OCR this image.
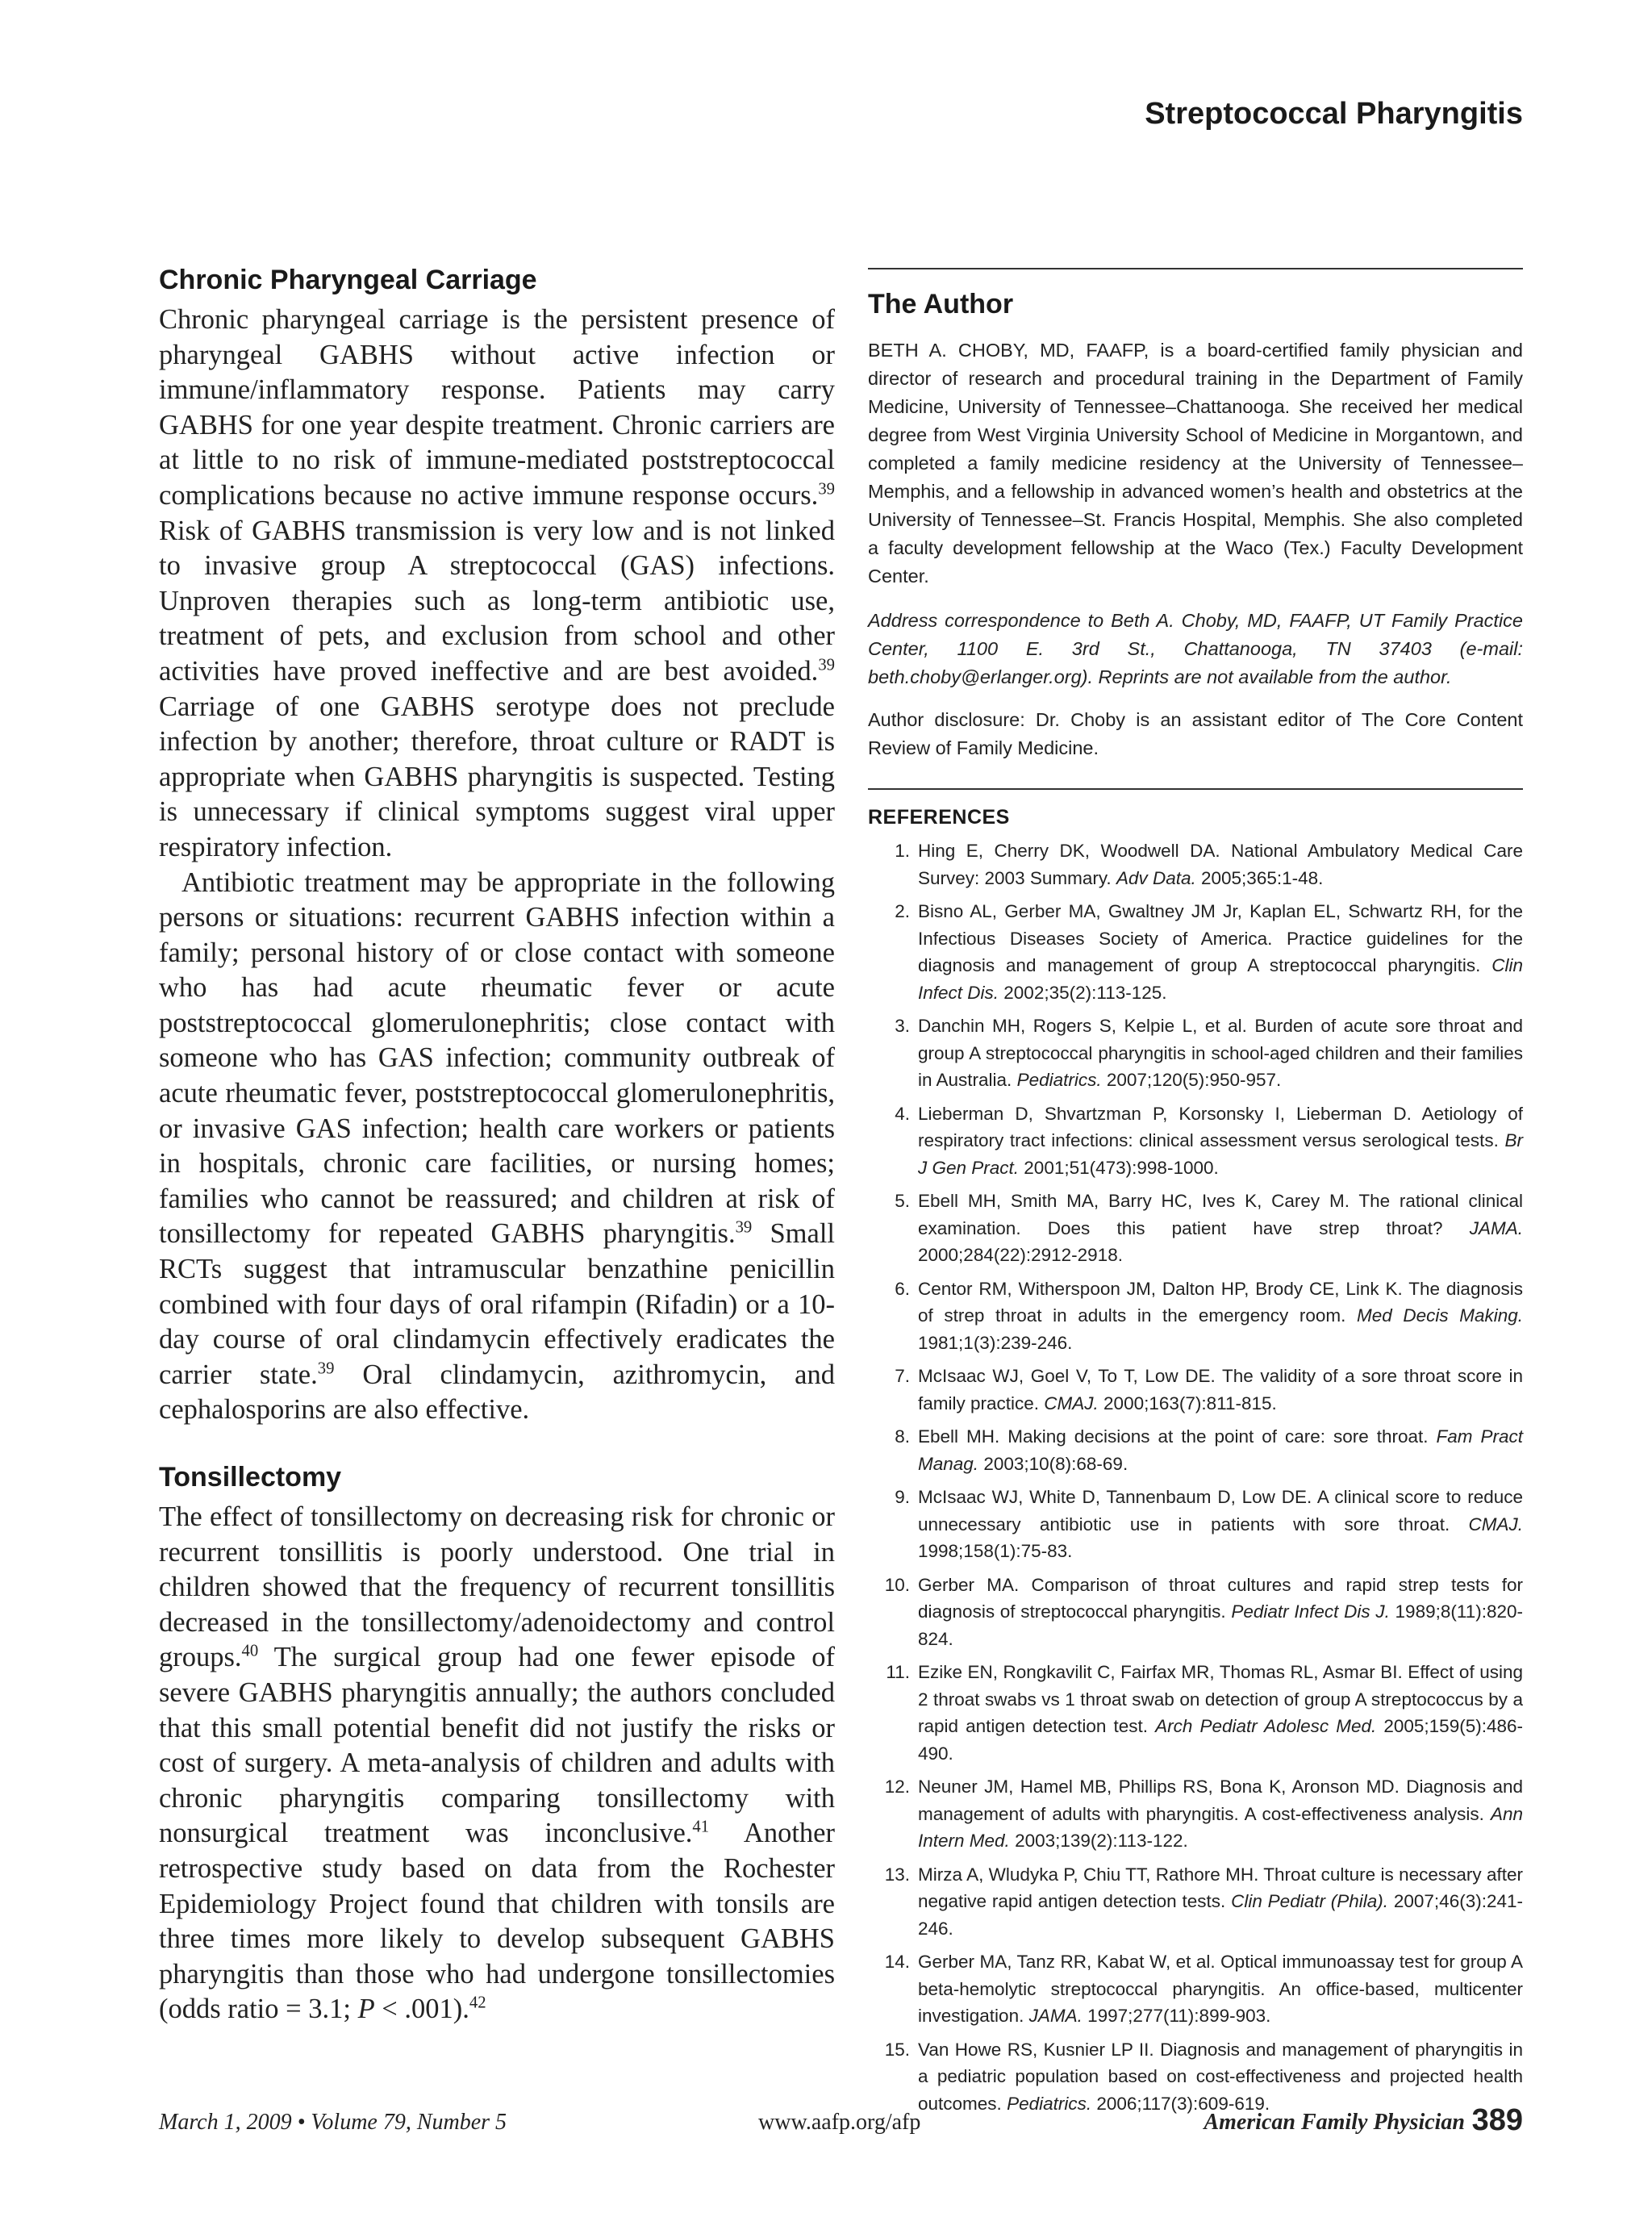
Streptococcal Pharyngitis
Chronic Pharyngeal Carriage

Chronic pharyngeal carriage is the persistent presence of pharyngeal GABHS without active infection or immune/inflammatory response. Patients may carry GABHS for one year despite treatment. Chronic carriers are at little to no risk of immune-mediated poststreptococcal complications because no active immune response occurs.$^{39}$ Risk of GABHS transmission is very low and is not linked to invasive group A streptococcal (GAS) infections. Unproven therapies such as long-term antibiotic use, treatment of pets, and exclusion from school and other activities have proved ineffective and are best avoided.$^{39}$ Carriage of one GABHS serotype does not preclude infection by another; therefore, throat culture or RADT is appropriate when GABHS pharyngitis is suspected. Testing is unnecessary if clinical symptoms suggest viral upper respiratory infection.

Antibiotic treatment may be appropriate in the following persons or situations: recurrent GABHS infection within a family; personal history of or close contact with someone who has had acute rheumatic fever or acute poststreptococcal glomerulonephritis; close contact with someone who has GAS infection; community outbreak of acute rheumatic fever, poststreptococcal glomerulonephritis, or invasive GAS infection; health care workers or patients in hospitals, chronic care facilities, or nursing homes; families who cannot be reassured; and children at risk of tonsillectomy for repeated GABHS pharyngitis.$^{39}$ Small RCTs suggest that intramuscular benzathine penicillin combined with four days of oral rifampin (Rifadin) or a 10-day course of oral clindamycin effectively eradicates the carrier state.$^{39}$ Oral clindamycin, azithromycin, and cephalosporins are also effective.

Tonsillectomy

The effect of tonsillectomy on decreasing risk for chronic or recurrent tonsillitis is poorly understood. One trial in children showed that the frequency of recurrent tonsillitis decreased in the tonsillectomy/adenoidectomy and control groups.$^{40}$ The surgical group had one fewer episode of severe GABHS pharyngitis annually; the authors concluded that this small potential benefit did not justify the risks or cost of surgery. A meta-analysis of children and adults with chronic pharyngitis comparing tonsillectomy with nonsurgical treatment was inconclusive.$^{41}$ Another retrospective study based on data from the Rochester Epidemiology Project found that children with tonsils are three times more likely to develop subsequent GABHS pharyngitis than those who had undergone tonsillectomies (odds ratio = 3.1; P < .001).$^{42}$

The Author

BETH A. CHOBY, MD, FAAFP, is a board-certified family physician and director of research and procedural training in the Department of Family Medicine, University of Tennessee–Chattanooga. She received her medical degree from West Virginia University School of Medicine in Morgantown, and completed a family medicine residency at the University of Tennessee–Memphis, and a fellowship in advanced women’s health and obstetrics at the University of Tennessee–St. Francis Hospital, Memphis. She also completed a faculty development fellowship at the Waco (Tex.) Faculty Development Center.

Address correspondence to Beth A. Choby, MD, FAAFP, UT Family Practice Center, 1100 E. 3rd St., Chattanooga, TN 37403 (e-mail: beth.choby@erlanger.org). Reprints are not available from the author.

Author disclosure: Dr. Choby is an assistant editor of The Core Content Review of Family Medicine.

REFERENCES
1. Hing E, Cherry DK, Woodwell DA. National Ambulatory Medical Care Survey: 2003 Summary. Adv Data. 2005;365:1-48.
2. Bisno AL, Gerber MA, Gwaltney JM Jr, Kaplan EL, Schwartz RH, for the Infectious Diseases Society of America. Practice guidelines for the diagnosis and management of group A streptococcal pharyngitis. Clin Infect Dis. 2002;35(2):113-125.
3. Danchin MH, Rogers S, Kelpie L, et al. Burden of acute sore throat and group A streptococcal pharyngitis in school-aged children and their families in Australia. Pediatrics. 2007;120(5):950-957.
4. Lieberman D, Shvartzman P, Korsonsky I, Lieberman D. Aetiology of respiratory tract infections: clinical assessment versus serological tests. Br J Gen Pract. 2001;51(473):998-1000.
5. Ebell MH, Smith MA, Barry HC, Ives K, Carey M. The rational clinical examination. Does this patient have strep throat? JAMA. 2000;284(22):2912-2918.
6. Centor RM, Witherspoon JM, Dalton HP, Brody CE, Link K. The diagnosis of strep throat in adults in the emergency room. Med Decis Making. 1981;1(3):239-246.
7. McIsaac WJ, Goel V, To T, Low DE. The validity of a sore throat score in family practice. CMAJ. 2000;163(7):811-815.
8. Ebell MH. Making decisions at the point of care: sore throat. Fam Pract Manag. 2003;10(8):68-69.
9. McIsaac WJ, White D, Tannenbaum D, Low DE. A clinical score to reduce unnecessary antibiotic use in patients with sore throat. CMAJ. 1998;158(1):75-83.
10. Gerber MA. Comparison of throat cultures and rapid strep tests for diagnosis of streptococcal pharyngitis. Pediatr Infect Dis J. 1989;8(11):820-824.
11. Ezike EN, Rongkavilit C, Fairfax MR, Thomas RL, Asmar BI. Effect of using 2 throat swabs vs 1 throat swab on detection of group A streptococcus by a rapid antigen detection test. Arch Pediatr Adolesc Med. 2005;159(5):486-490.
12. Neuner JM, Hamel MB, Phillips RS, Bona K, Aronson MD. Diagnosis and management of adults with pharyngitis. A cost-effectiveness analysis. Ann Intern Med. 2003;139(2):113-122.
13. Mirza A, Wludyka P, Chiu TT, Rathore MH. Throat culture is necessary after negative rapid antigen detection tests. Clin Pediatr (Phila). 2007;46(3):241-246.
14. Gerber MA, Tanz RR, Kabat W, et al. Optical immunoassay test for group A beta-hemolytic streptococcal pharyngitis. An office-based, multicenter investigation. JAMA. 1997;277(11):899-903.
15. Van Howe RS, Kusnier LP II. Diagnosis and management of pharyngitis in a pediatric population based on cost-effectiveness and projected health outcomes. Pediatrics. 2006;117(3):609-619.
March 1, 2009 • Volume 79, Number 5	www.aafp.org/afp	American Family Physician 389
